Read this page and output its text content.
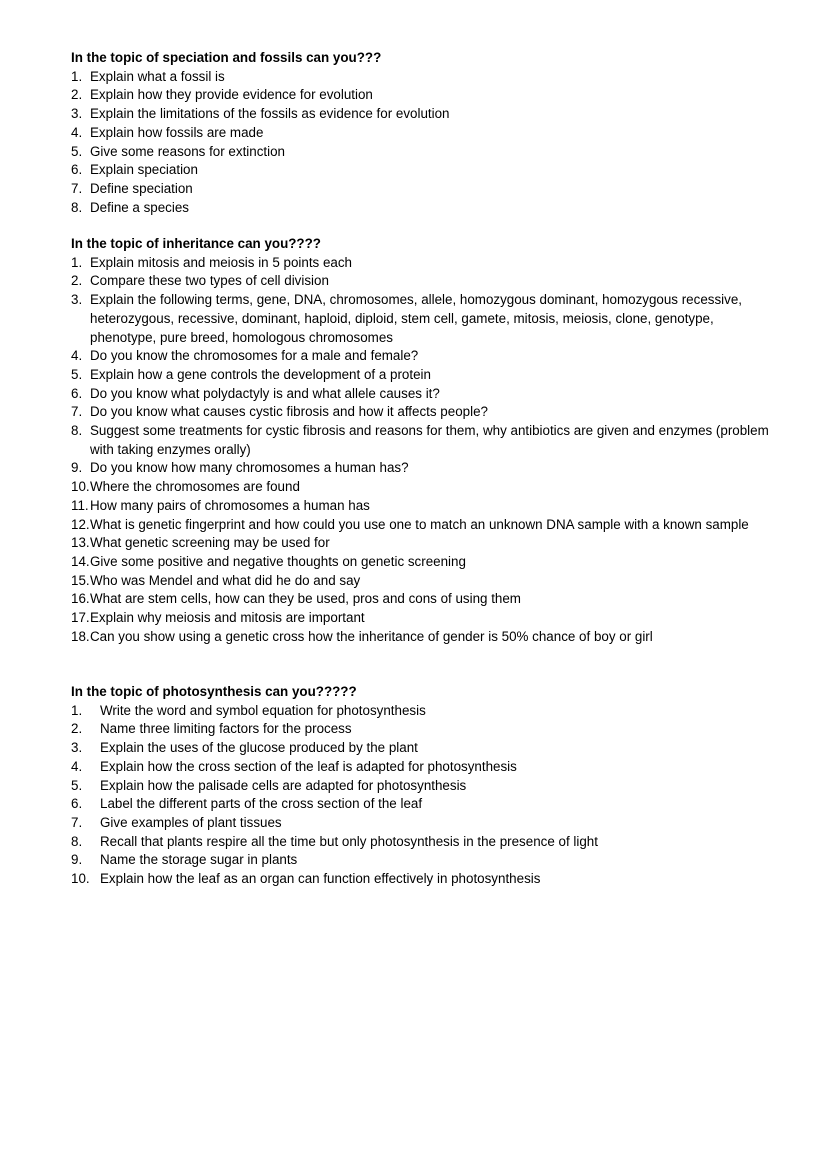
In the topic of speciation and fossils can you???
1. Explain what a fossil is
2. Explain how they provide evidence for evolution
3. Explain the limitations of the fossils as evidence for evolution
4. Explain how fossils are made
5. Give some reasons for extinction
6. Explain speciation
7. Define speciation
8. Define a species
In the topic of inheritance can you????
1. Explain mitosis and meiosis in 5 points each
2. Compare these two types of cell division
3. Explain the following terms, gene, DNA, chromosomes, allele, homozygous dominant, homozygous recessive, heterozygous, recessive, dominant, haploid, diploid, stem cell, gamete, mitosis, meiosis, clone, genotype, phenotype, pure breed, homologous chromosomes
4. Do you know the chromosomes for a male and female?
5. Explain how a gene controls the development of a protein
6. Do you know what polydactyly is and what allele causes it?
7. Do you know what causes cystic fibrosis and how it affects people?
8. Suggest some treatments for cystic fibrosis and reasons for them, why antibiotics are given and enzymes (problem with taking enzymes orally)
9. Do you know how many chromosomes a human has?
10. Where the chromosomes are found
11. How many pairs of chromosomes a human has
12. What is genetic fingerprint and how could you use one to match an unknown DNA sample with a known sample
13. What genetic screening may be used for
14. Give some positive and negative thoughts on genetic screening
15. Who was Mendel and what did he do and say
16. What are stem cells, how can they be used, pros and cons of using them
17. Explain why meiosis and mitosis are important
18. Can you show using a genetic cross how the inheritance of gender is 50% chance of boy or girl
In the topic of photosynthesis can you?????
1. Write the word and symbol equation for photosynthesis
2. Name three limiting factors for the process
3. Explain the uses of the glucose produced by the plant
4. Explain how the cross section of the leaf is adapted for photosynthesis
5. Explain how the palisade cells are adapted for photosynthesis
6. Label the different parts of the cross section of the leaf
7. Give examples of plant tissues
8. Recall that plants respire all the time but only photosynthesis in the presence of light
9. Name the storage sugar in plants
10. Explain how the leaf as an organ can function effectively in photosynthesis
